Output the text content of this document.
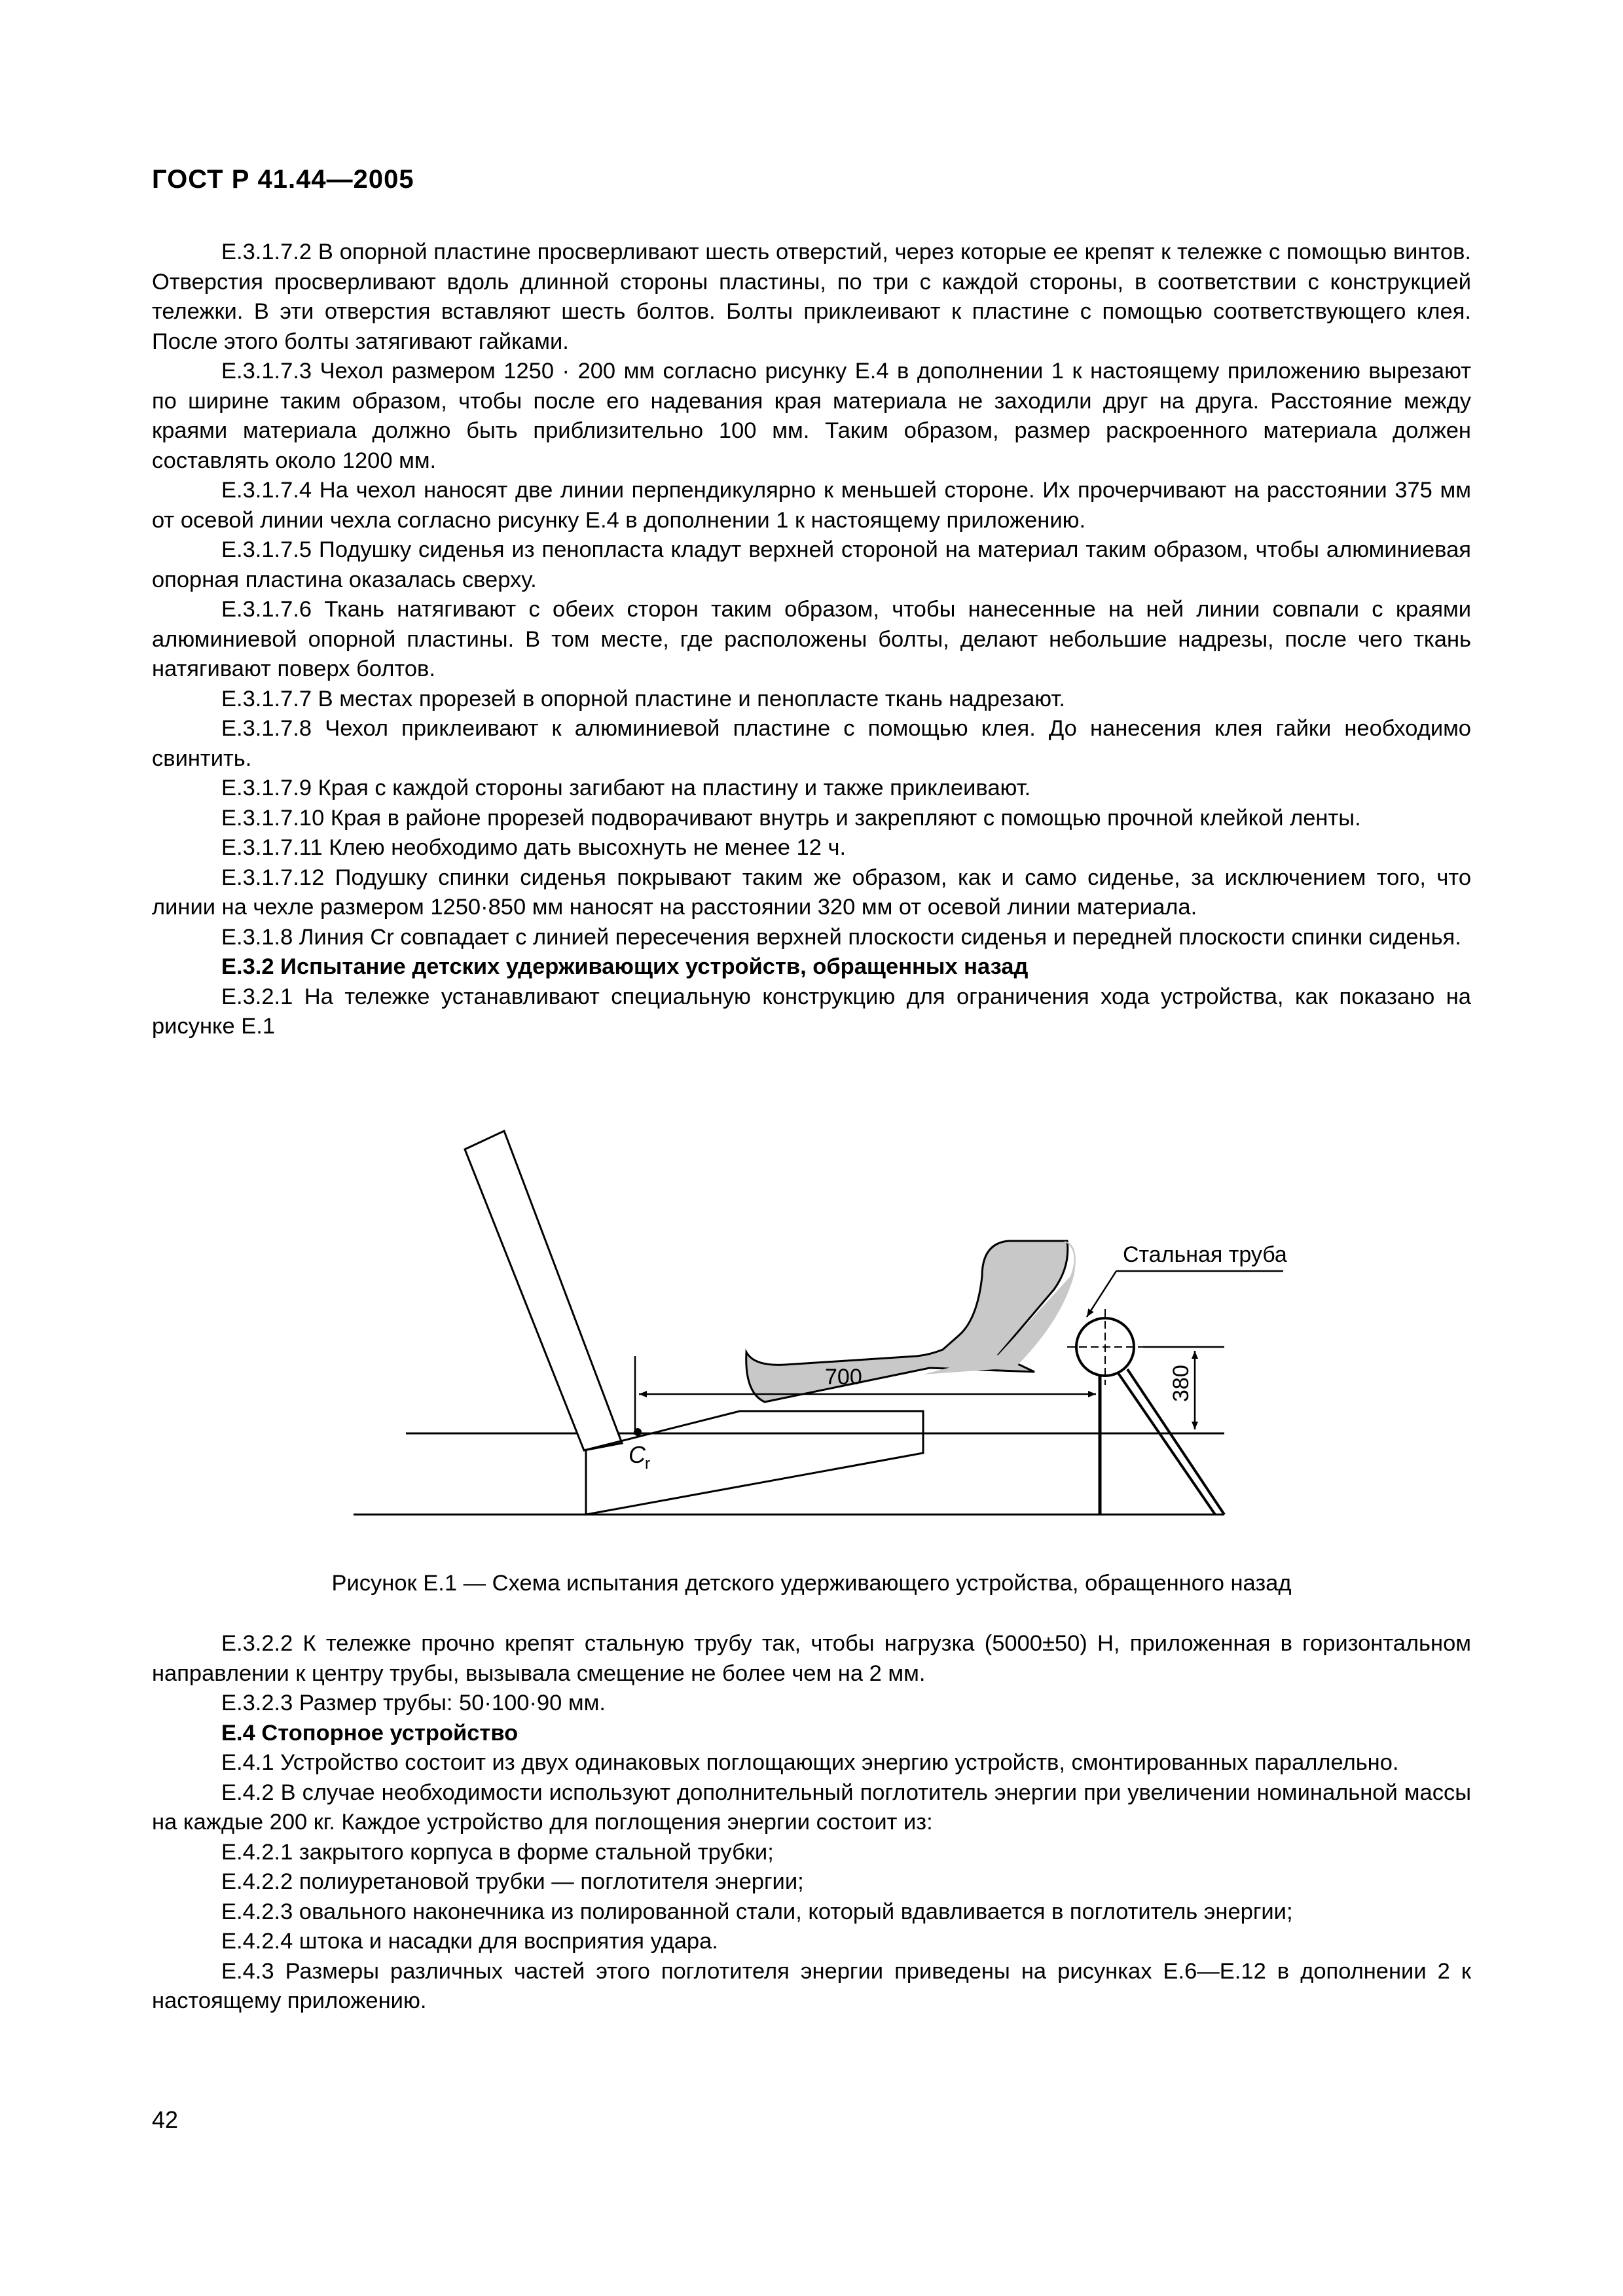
ГОСТ Р 41.44—2005

Е.3.1.7.2 В опорной пластине просверливают шесть отверстий, через которые ее крепят к тележке с помощью винтов. Отверстия просверливают вдоль длинной стороны пластины, по три с каждой стороны, в соответствии с конструкцией тележки. В эти отверстия вставляют шесть болтов. Болты приклеивают к пластине с помощью соответствующего клея. После этого болты затягивают гайками.

Е.3.1.7.3 Чехол размером 1250 · 200 мм согласно рисунку Е.4 в дополнении 1 к настоящему приложению вырезают по ширине таким образом, чтобы после его надевания края материала не заходили друг на друга. Расстояние между краями материала должно быть приблизительно 100 мм. Таким образом, размер раскроенного материала должен составлять около 1200 мм.

Е.3.1.7.4 На чехол наносят две линии перпендикулярно к меньшей стороне. Их прочерчивают на расстоянии 375 мм от осевой линии чехла согласно рисунку Е.4 в дополнении 1 к настоящему приложению.

Е.3.1.7.5 Подушку сиденья из пенопласта кладут верхней стороной на материал таким образом, чтобы алюминиевая опорная пластина оказалась сверху.

Е.3.1.7.6 Ткань натягивают с обеих сторон таким образом, чтобы нанесенные на ней линии совпали с краями алюминиевой опорной пластины. В том месте, где расположены болты, делают небольшие надрезы, после чего ткань натягивают поверх болтов.

Е.3.1.7.7 В местах прорезей в опорной пластине и пенопласте ткань надрезают.

Е.3.1.7.8 Чехол приклеивают к алюминиевой пластине с помощью клея. До нанесения клея гайки необходимо свинтить.

Е.3.1.7.9 Края с каждой стороны загибают на пластину и также приклеивают.

Е.3.1.7.10 Края в районе прорезей подворачивают внутрь и закрепляют с помощью прочной клейкой ленты.

Е.3.1.7.11 Клею необходимо дать высохнуть не менее 12 ч.

Е.3.1.7.12 Подушку спинки сиденья покрывают таким же образом, как и само сиденье, за исключением того, что линии на чехле размером 1250·850 мм наносят на расстоянии 320 мм от осевой линии материала.

Е.3.1.8 Линия Cr совпадает с линией пересечения верхней плоскости сиденья и передней плоскости спинки сиденья.

Е.3.2 Испытание детских удерживающих устройств, обращенных назад

Е.3.2.1 На тележке устанавливают специальную конструкцию для ограничения хода устройства, как показано на рисунке Е.1

Стальная труба
700	380
C r
Рисунок Е.1 — Схема испытания детского удерживающего устройства, обращенного назад

Е.3.2.2 К тележке прочно крепят стальную трубу так, чтобы нагрузка (5000±50) Н, приложенная в горизонтальном направлении к центру трубы, вызывала смещение не более чем на 2 мм.

Е.3.2.3 Размер трубы: 50·100·90 мм.

Е.4 Стопорное устройство

Е.4.1 Устройство состоит из двух одинаковых поглощающих энергию устройств, смонтированных параллельно.

Е.4.2 В случае необходимости используют дополнительный поглотитель энергии при увеличении номинальной массы на каждые 200 кг. Каждое устройство для поглощения энергии состоит из:

Е.4.2.1 закрытого корпуса в форме стальной трубки;

Е.4.2.2 полиуретановой трубки — поглотителя энергии;

Е.4.2.3 овального наконечника из полированной стали, который вдавливается в поглотитель энергии;

Е.4.2.4 штока и насадки для восприятия удара.

Е.4.3 Размеры различных частей этого поглотителя энергии приведены на рисунках Е.6—Е.12 в дополнении 2 к настоящему приложению.

42
